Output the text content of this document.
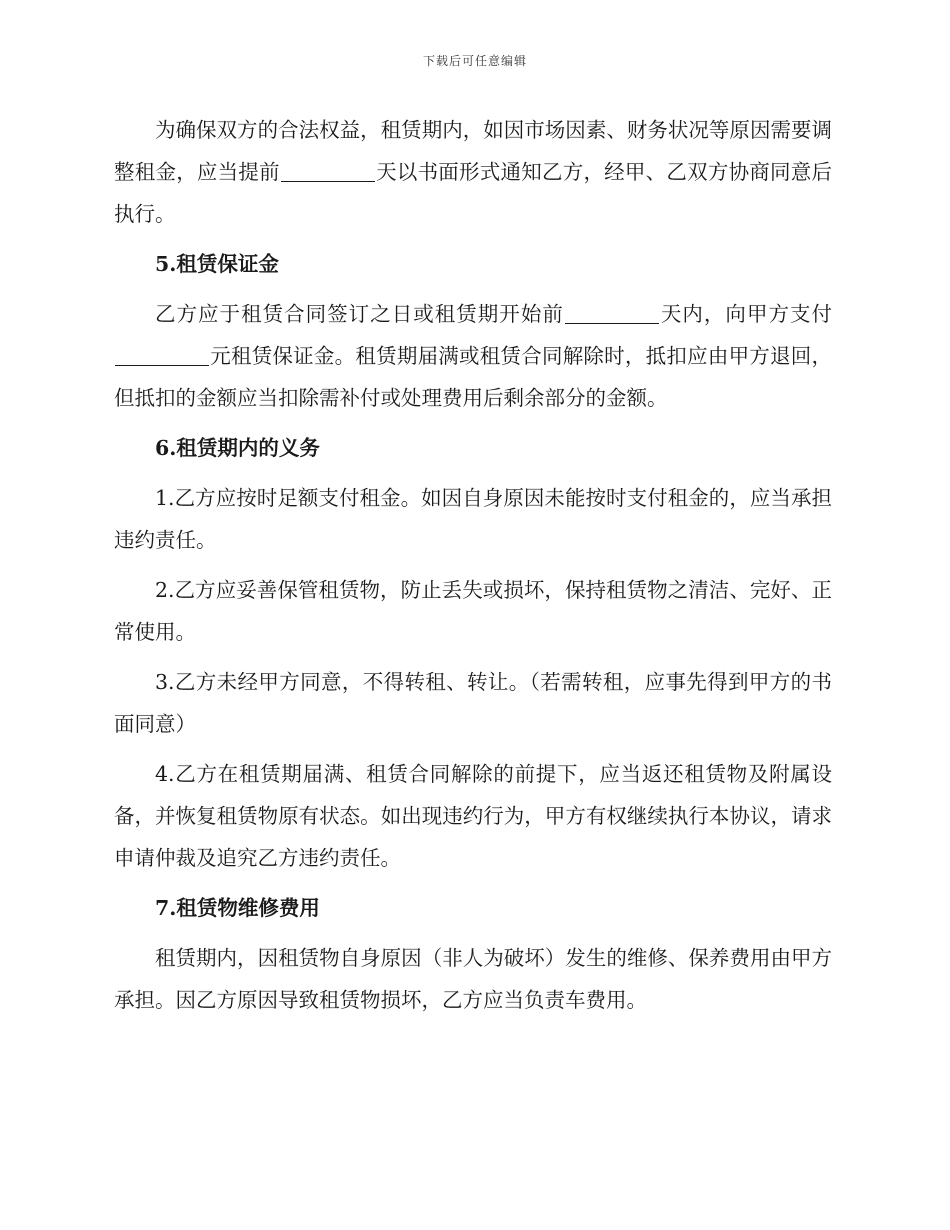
下载后可任意编辑

为确保双方的合法权益，租赁期内，如因市场因素、财务状况等原因需要调整租金，应当提前	天以书面形式通知乙方，经甲、乙双方协商同意后执行。

5.租赁保证金

乙方应于租赁合同签订之日或租赁期开始前	天内，向甲方支付元租赁保证金。租赁期届满或租赁合同解除时，抵扣应由甲方退回，但抵扣的金额应当扣除需补付或处理费用后剩余部分的金额。

6.租赁期内的义务

1.乙方应按时足额支付租金。如因自身原因未能按时支付租金的，应当承担违约责任。

2.乙方应妥善保管租赁物，防止丢失或损坏，保持租赁物之清洁、完好、正常使用。

3.乙方未经甲方同意，不得转租、转让。（若需转租，应事先得到甲方的书面同意）

4.乙方在租赁期届满、租赁合同解除的前提下，应当返还租赁物及附属设备，并恢复租赁物原有状态。如出现违约行为，甲方有权继续执行本协议，请求申请仲裁及追究乙方违约责任。

7.租赁物维修费用

租赁期内，因租赁物自身原因（非人为破坏）发生的维修、保养费用由甲方承担。因乙方原因导致租赁物损坏，乙方应当负责车费用。
